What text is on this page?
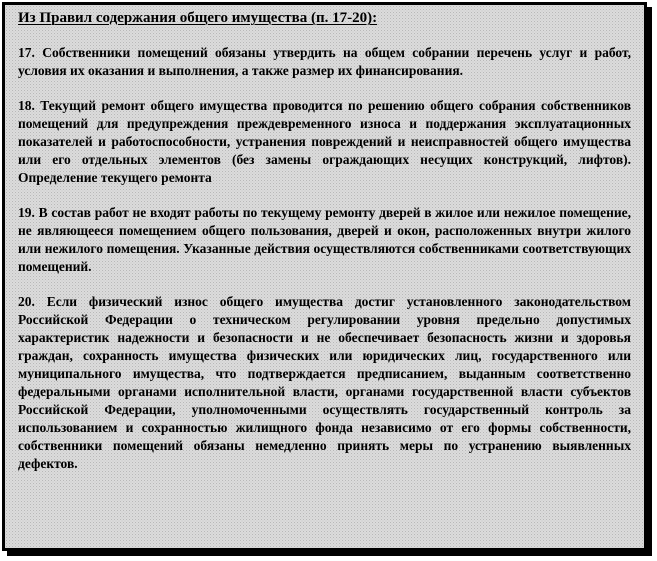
Из Правил содержания общего имущества (п. 17-20):

17. Собственники помещений обязаны утвердить на общем собрании перечень услуг и работ, условия их оказания и выполнения, а также размер их финансирования.

18. Текущий ремонт общего имущества проводится по решению общего собрания собственников помещений для предупреждения преждевременного износа и поддержания эксплуатационных показателей и работоспособности, устранения повреждений и неисправностей общего имущества или его отдельных элементов (без замены ограждающих несущих конструкций, лифтов). Определение текущего ремонта

19. В состав работ не входят работы по текущему ремонту дверей в жилое или нежилое помещение, не являющееся помещением общего пользования, дверей и окон, расположенных внутри жилого или нежилого помещения. Указанные действия осуществляются собственниками соответствующих помещений.

20. Если физический износ общего имущества достиг установленного законодательством Российской Федерации о техническом регулировании уровня предельно допустимых характеристик надежности и безопасности и не обеспечивает безопасность жизни и здоровья граждан, сохранность имущества физических или юридических лиц, государственного или муниципального имущества, что подтверждается предписанием, выданным соответственно федеральными органами исполнительной власти, органами государственной власти субъектов Российской Федерации, уполномоченными осуществлять государственный контроль за использованием и сохранностью жилищного фонда независимо от его формы собственности, собственники помещений обязаны немедленно принять меры по устранению выявленных дефектов.
